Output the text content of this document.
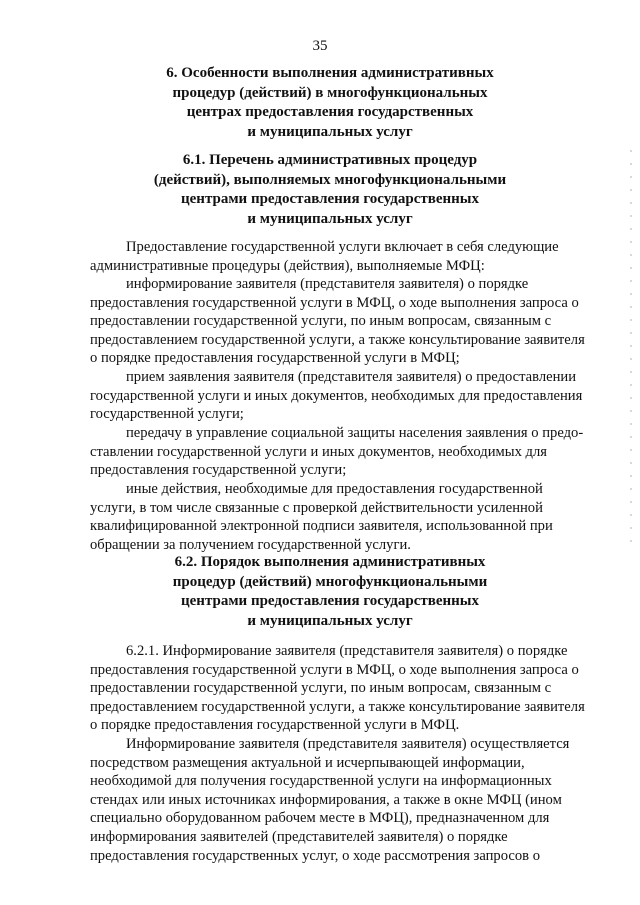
35
6. Особенности выполнения административных
процедур (действий) в многофункциональных
центрах предоставления государственных
и муниципальных услуг
6.1. Перечень административных процедур
(действий), выполняемых многофункциональными
центрами предоставления государственных
и муниципальных услуг
Предоставление государственной услуги включает в себя следующие
административные процедуры (действия), выполняемые МФЦ:
информирование заявителя (представителя заявителя) о порядке
предоставления государственной услуги в МФЦ, о ходе выполнения запроса о
предоставлении государственной услуги, по иным вопросам, связанным с
предоставлением государственной услуги, а также консультирование заявителя
о порядке предоставления государственной услуги в МФЦ;
прием заявления заявителя (представителя заявителя) о предоставлении
государственной услуги и иных документов, необходимых для предоставления
государственной услуги;
передачу в управление социальной защиты населения заявления о предо-
ставлении государственной услуги и иных документов, необходимых для
предоставления государственной услуги;
иные действия, необходимые для предоставления государственной
услуги, в том числе связанные с проверкой действительности усиленной
квалифицированной электронной подписи заявителя, использованной при
обращении за получением государственной услуги.
6.2. Порядок выполнения административных
процедур (действий) многофункциональными
центрами предоставления государственных
и муниципальных услуг
6.2.1. Информирование заявителя (представителя заявителя) о порядке
предоставления государственной услуги в МФЦ, о ходе выполнения запроса о
предоставлении государственной услуги, по иным вопросам, связанным с
предоставлением государственной услуги, а также консультирование заявителя
о порядке предоставления государственной услуги в МФЦ.
Информирование заявителя (представителя заявителя) осуществляется
посредством размещения актуальной и исчерпывающей информации,
необходимой для получения государственной услуги на информационных
стендах или иных источниках информирования, а также в окне МФЦ (ином
специально оборудованном рабочем месте в МФЦ), предназначенном для
информирования заявителей (представителей заявителя) о порядке
предоставления государственных услуг, о ходе рассмотрения запросов о
